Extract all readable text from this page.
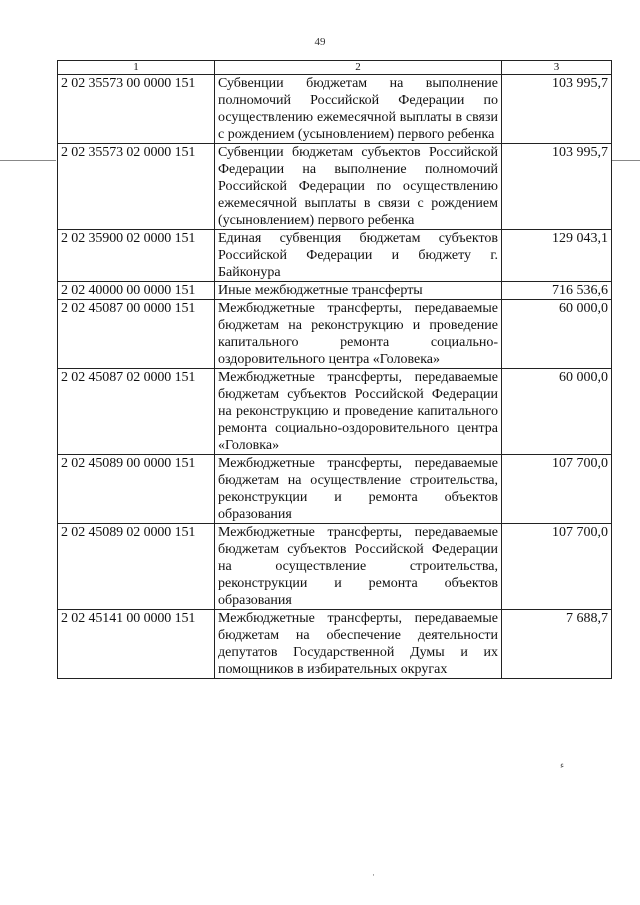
49
1	2	3
2 02 35573 00 0000 151	Субвенции бюджетам на выполнение полномочий Российской Федерации по осуществлению ежемесячной выплаты в связи с рождением (усыновлением) первого ребенка	103 995,7
2 02 35573 02 0000 151	Субвенции бюджетам субъектов Российской Федерации на выполнение полномочий Российской Федерации по осуществлению ежемесячной выплаты в связи с рождением (усыновлением) первого ребенка	103 995,7
2 02 35900 02 0000 151	Единая субвенция бюджетам субъектов Российской Федерации и бюджету г. Байконура	129 043,1
2 02 40000 00 0000 151	Иные межбюджетные трансферты	716 536,6
2 02 45087 00 0000 151	Межбюджетные трансферты, передаваемые бюджетам на реконструкцию и проведение капитального ремонта социально-оздоровительного центра «Головека»	60 000,0
2 02 45087 02 0000 151	Межбюджетные трансферты, передаваемые бюджетам субъектов Российской Федерации на реконструкцию и проведение капитального ремонта социально-оздоровительного центра «Головка»	60 000,0
2 02 45089 00 0000 151	Межбюджетные трансферты, передаваемые бюджетам на осуществление строительства, реконструкции и ремонта объектов образования	107 700,0
2 02 45089 02 0000 151	Межбюджетные трансферты, передаваемые бюджетам субъектов Российской Федерации на осуществление строительства, реконструкции и ремонта объектов образования	107 700,0
2 02 45141 00 0000 151	Межбюджетные трансферты, передаваемые бюджетам на обеспечение деятельности депутатов Государственной Думы и их помощников в избирательных округах	7 688,7
ء
·
